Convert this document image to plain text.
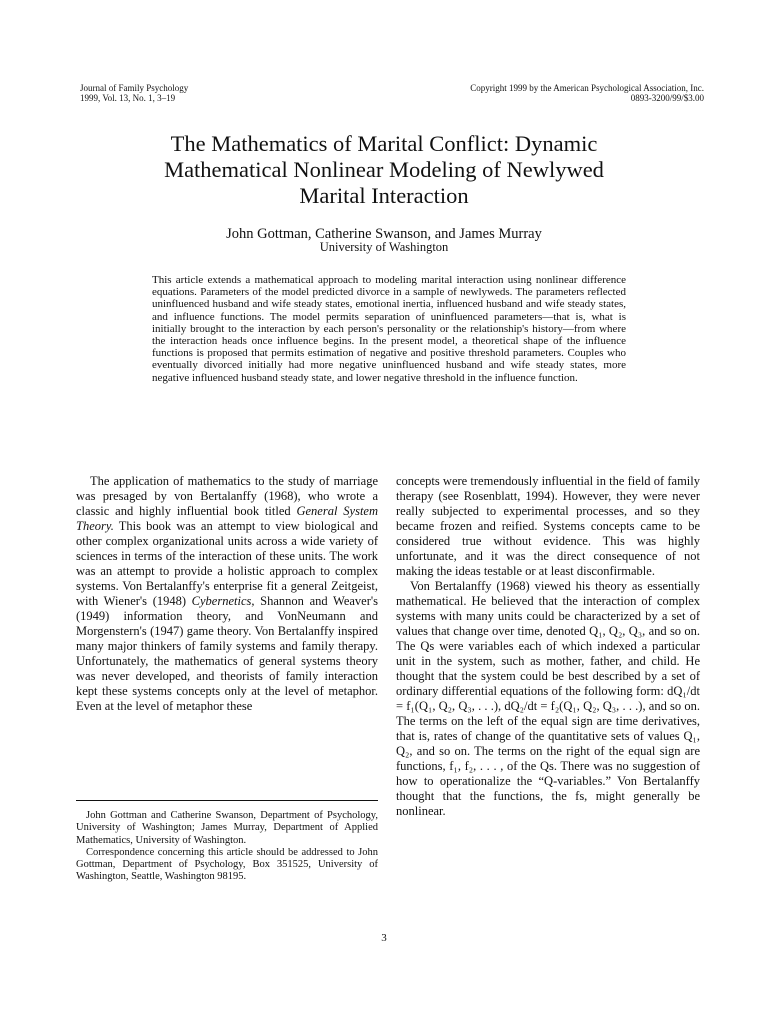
Journal of Family Psychology
1999, Vol. 13, No. 1, 3–19
Copyright 1999 by the American Psychological Association, Inc.
0893-3200/99/$3.00
The Mathematics of Marital Conflict: Dynamic
Mathematical Nonlinear Modeling of Newlywed
Marital Interaction
John Gottman, Catherine Swanson, and James Murray
University of Washington

This article extends a mathematical approach to modeling marital interaction using nonlinear difference equations. Parameters of the model predicted divorce in a sample of newlyweds. The parameters reflected uninfluenced husband and wife steady states, emotional inertia, influenced husband and wife steady states, and influence functions. The model permits separation of uninfluenced parameters—that is, what is initially brought to the interaction by each person's personality or the relationship's history—from where the interaction heads once influence begins. In the present model, a theoretical shape of the influence functions is proposed that permits estimation of negative and positive threshold parameters. Couples who eventually divorced initially had more negative uninfluenced husband and wife steady states, more negative influenced husband steady state, and lower negative threshold in the influence function.

The application of mathematics to the study of marriage was presaged by von Bertalanffy (1968), who wrote a classic and highly influential book titled General System Theory. This book was an attempt to view biological and other complex organizational units across a wide variety of sciences in terms of the interaction of these units. The work was an attempt to provide a holistic approach to complex systems. Von Bertalanffy's enterprise fit a general Zeitgeist, with Wiener's (1948) Cybernetics, Shannon and Weaver's (1949) information theory, and VonNeumann and Morgenstern's (1947) game theory. Von Bertalanffy inspired many major thinkers of family systems and family therapy. Unfortunately, the mathematics of general systems theory was never developed, and theorists of family interaction kept these systems concepts only at the level of metaphor. Even at the level of metaphor these

John Gottman and Catherine Swanson, Department of Psychology, University of Washington; James Murray, Department of Applied Mathematics, University of Washington.

Correspondence concerning this article should be addressed to John Gottman, Department of Psychology, Box 351525, University of Washington, Seattle, Washington 98195.

concepts were tremendously influential in the field of family therapy (see Rosenblatt, 1994). However, they were never really subjected to experimental processes, and so they became frozen and reified. Systems concepts came to be considered true without evidence. This was highly unfortunate, and it was the direct consequence of not making the ideas testable or at least disconfirmable.

Von Bertalanffy (1968) viewed his theory as essentially mathematical. He believed that the interaction of complex systems with many units could be characterized by a set of values that change over time, denoted Q₁, Q₂, Q₃, and so on. The Qs were variables each of which indexed a particular unit in the system, such as mother, father, and child. He thought that the system could be best described by a set of ordinary differential equations of the following form: dQ₁/dt = f₁(Q₁, Q₂, Q₃, . . .), dQ₂/dt = f₂(Q₁, Q₂, Q₃, . . .), and so on. The terms on the left of the equal sign are time derivatives, that is, rates of change of the quantitative sets of values Q₁, Q₂, and so on. The terms on the right of the equal sign are functions, f₁, f₂, . . . , of the Qs. There was no suggestion of how to operationalize the “Q-variables.” Von Bertalanffy thought that the functions, the fs, might generally be nonlinear.

3
